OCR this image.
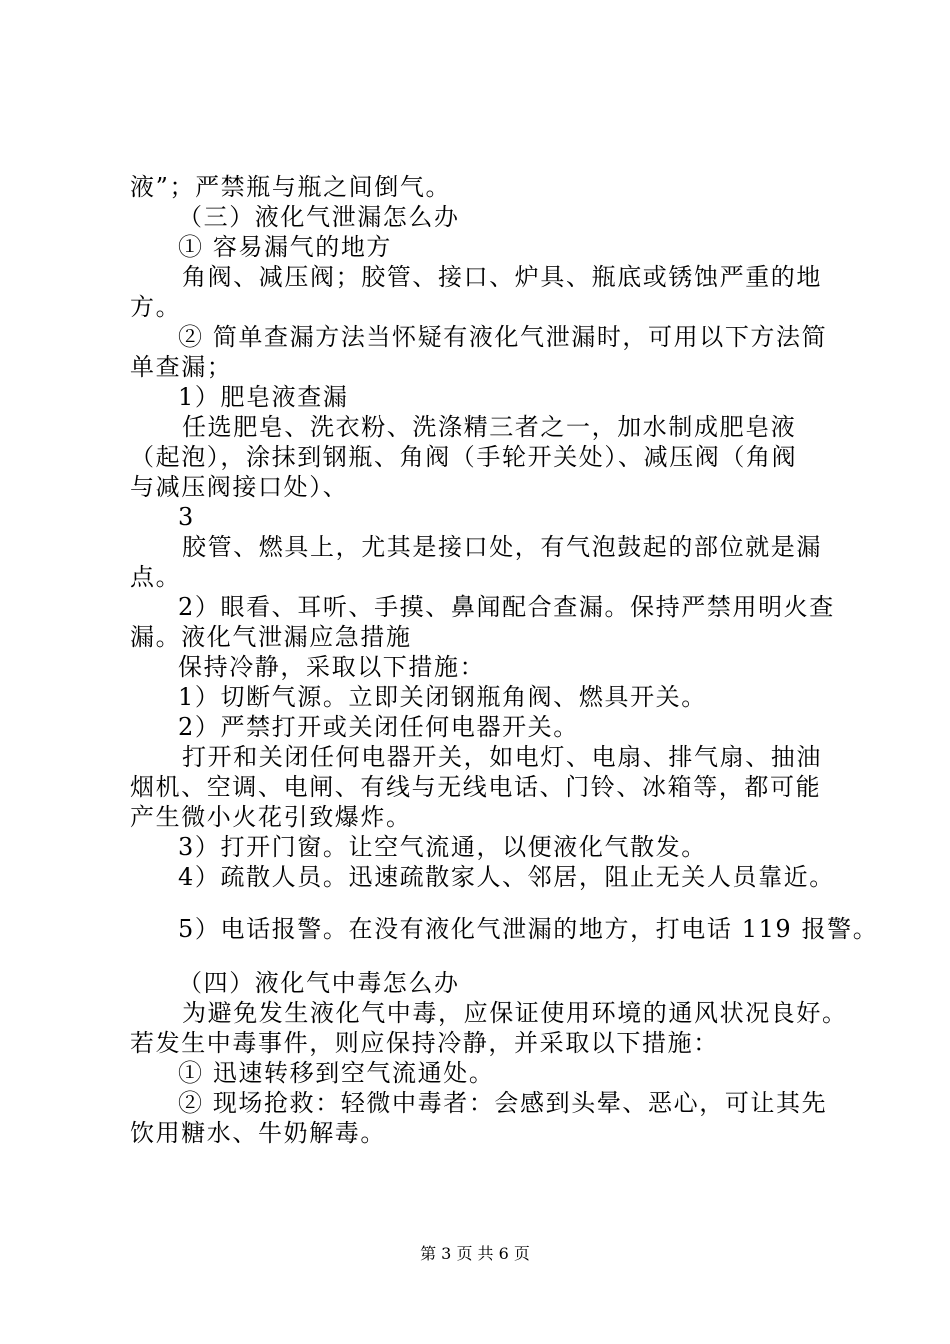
液”；严禁瓶与瓶之间倒气。
（三）液化气泄漏怎么办
① 容易漏气的地方
角阀、减压阀；胶管、接口、炉具、瓶底或锈蚀严重的地
方。
② 简单查漏方法当怀疑有液化气泄漏时，可用以下方法简
单查漏；
1）肥皂液查漏
任选肥皂、洗衣粉、洗涤精三者之一，加水制成肥皂液
（起泡），涂抹到钢瓶、角阀（手轮开关处）、减压阀（角阀
与减压阀接口处）、
3
胶管、燃具上，尤其是接口处，有气泡鼓起的部位就是漏
点。
2）眼看、耳听、手摸、鼻闻配合查漏。保持严禁用明火查
漏。液化气泄漏应急措施
保持冷静，采取以下措施：
1）切断气源。立即关闭钢瓶角阀、燃具开关。
2）严禁打开或关闭任何电器开关。
打开和关闭任何电器开关，如电灯、电扇、排气扇、抽油
烟机、空调、电闸、有线与无线电话、门铃、冰箱等，都可能
产生微小火花引致爆炸。
3）打开门窗。让空气流通，以便液化气散发。
4）疏散人员。迅速疏散家人、邻居，阻止无关人员靠近。
5）电话报警。在没有液化气泄漏的地方，打电话 119 报警。
（四）液化气中毒怎么办
为避免发生液化气中毒，应保证使用环境的通风状况良好。
若发生中毒事件，则应保持冷静，并采取以下措施：
① 迅速转移到空气流通处。
② 现场抢救：轻微中毒者：会感到头晕、恶心，可让其先
饮用糖水、牛奶解毒。
第 3 页 共 6 页
